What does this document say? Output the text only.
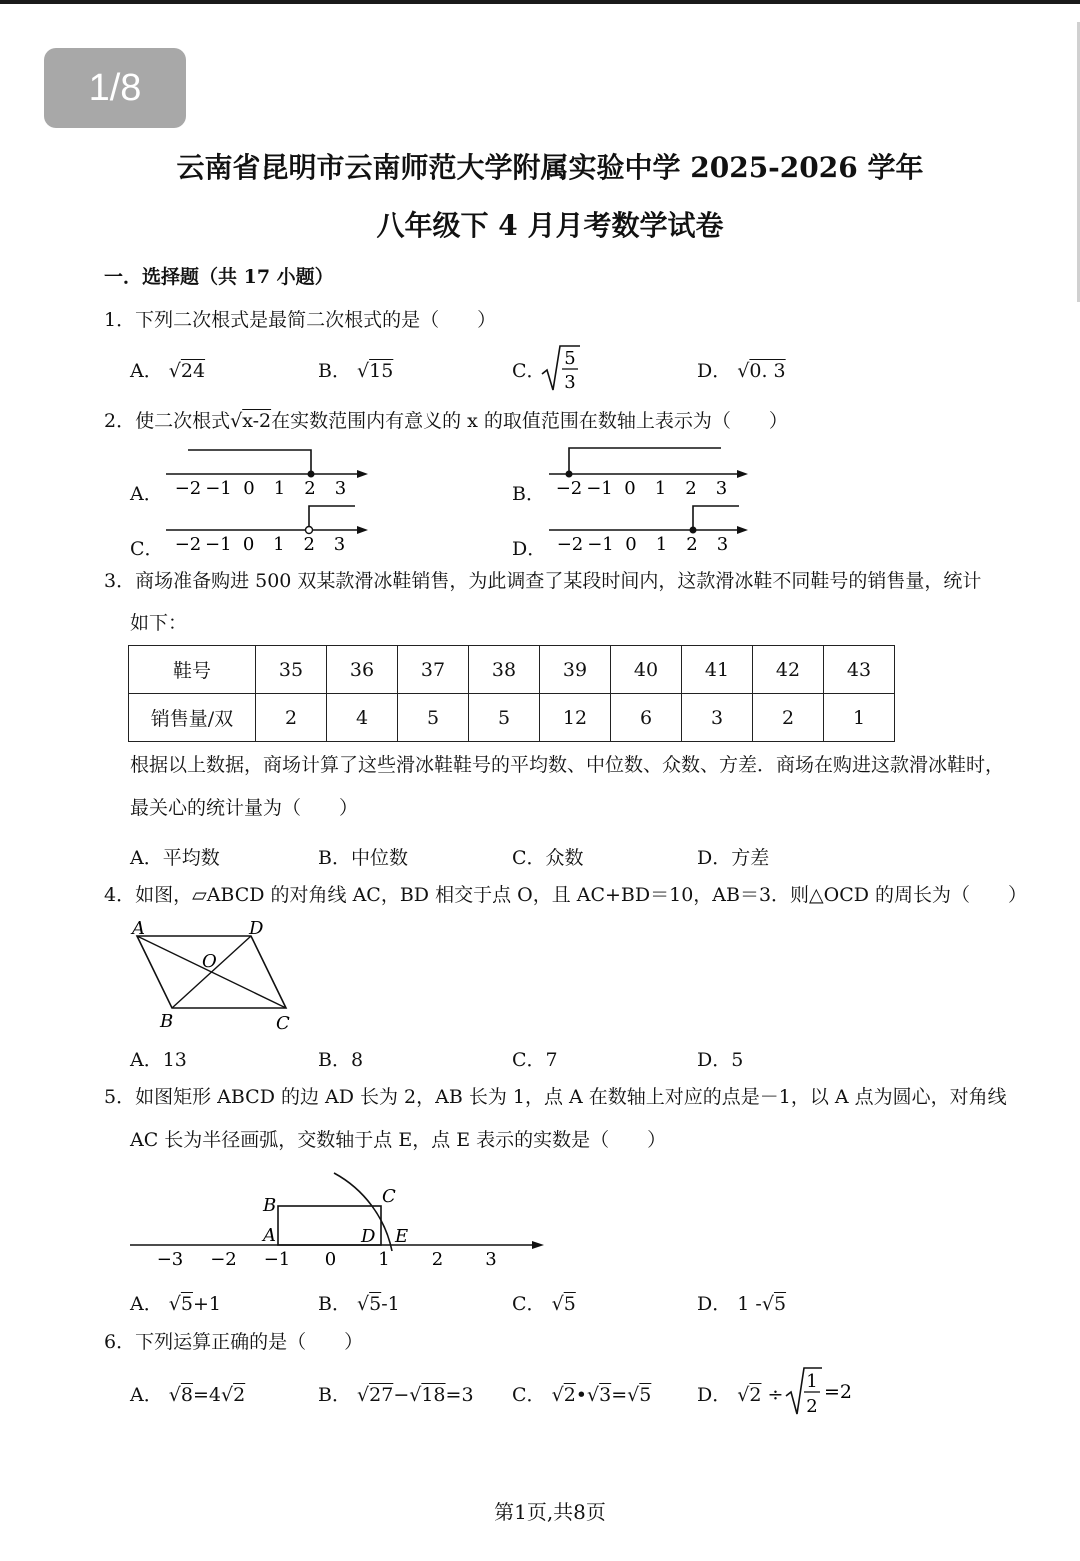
1/8
云南省昆明市云南师范大学附属实验中学 2025-2026 学年
八年级下 4 月月考数学试卷
一．选择题（共 17 小题）
1．下列二次根式是最简二次根式的是（　　）
A． √24	B． √15	C．
5
3
D． √0. 3
2．使二次根式√x-2在实数范围内有意义的 x 的取值范围在数轴上表示为（　　）
A． −2 −1 0 1 2 3	B． −2 −1 0 1 2 3
C． −2 −1 0 1 2 3	D． −2 −1 0 1 2 3
3．商场准备购进 500 双某款滑冰鞋销售，为此调查了某段时间内，这款滑冰鞋不同鞋号的销售量，统计
如下：
鞋号	35	36	37	38	39	40	41	42	43
销售量/双	2	4	5	5	12	6	3	2	1
根据以上数据，商场计算了这些滑冰鞋鞋号的平均数、中位数、众数、方差．商场在购进这款滑冰鞋时，
最关心的统计量为（　　）
A．平均数	B．中位数	C．众数	D．方差
4．如图，▱ABCD 的对角线 AC，BD 相交于点 O，且 AC+BD＝10，AB＝3．则△OCD 的周长为（　　）
A	D
O
B	C
A．13	B．8	C．7	D．5
5．如图矩形 ABCD 的边 AD 长为 2，AB 长为 1，点 A 在数轴上对应的点是－1，以 A 点为圆心，对角线
AC 长为半径画弧，交数轴于点 E，点 E 表示的实数是（　　）
B	C
A	D E
−3 −2 −1 0 1 2 3
A． √5+1	B． √5-1	C． √5	D． 1 -√5
6．下列运算正确的是（　　）
A． √8=4√2	B． √27−√18=3 C． √2•√3=√5 D． √2 ÷
1
2
=2
第1页,共8页
